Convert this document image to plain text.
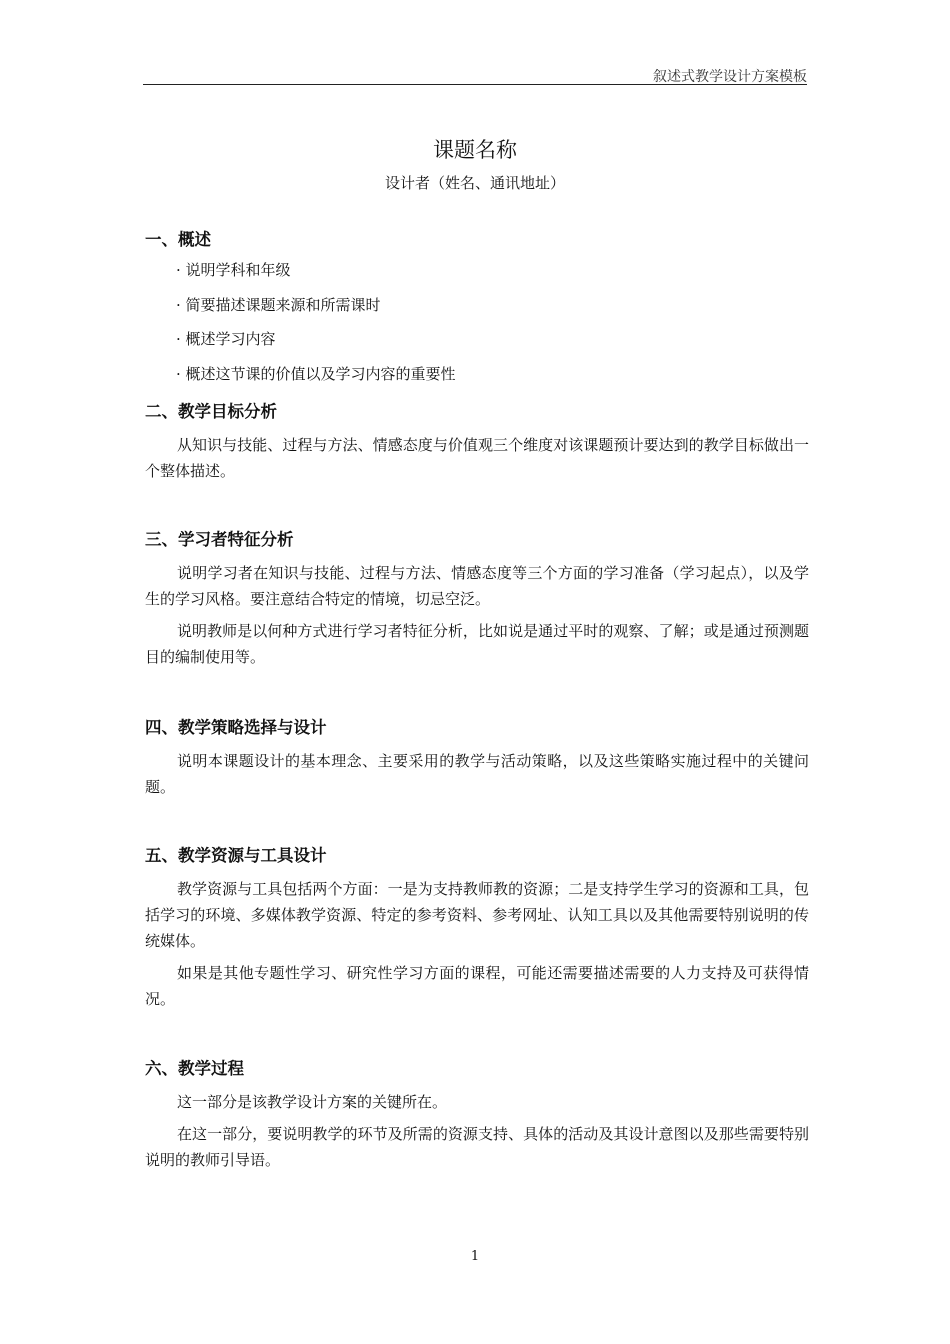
叙述式教学设计方案模板
课题名称
设计者（姓名、通讯地址）
一、概述
· 说明学科和年级
· 简要描述课题来源和所需课时
· 概述学习内容
· 概述这节课的价值以及学习内容的重要性
二、教学目标分析

从知识与技能、过程与方法、情感态度与价值观三个维度对该课题预计要达到的教学目标做出一个整体描述。

三、学习者特征分析

说明学习者在知识与技能、过程与方法、情感态度等三个方面的学习准备（学习起点），以及学生的学习风格。要注意结合特定的情境，切忌空泛。

说明教师是以何种方式进行学习者特征分析，比如说是通过平时的观察、了解；或是通过预测题目的编制使用等。

四、教学策略选择与设计

说明本课题设计的基本理念、主要采用的教学与活动策略，以及这些策略实施过程中的关键问题。

五、教学资源与工具设计

教学资源与工具包括两个方面：一是为支持教师教的资源；二是支持学生学习的资源和工具，包括学习的环境、多媒体教学资源、特定的参考资料、参考网址、认知工具以及其他需要特别说明的传统媒体。

如果是其他专题性学习、研究性学习方面的课程，可能还需要描述需要的人力支持及可获得情况。

六、教学过程

这一部分是该教学设计方案的关键所在。

在这一部分，要说明教学的环节及所需的资源支持、具体的活动及其设计意图以及那些需要特别说明的教师引导语。

1
